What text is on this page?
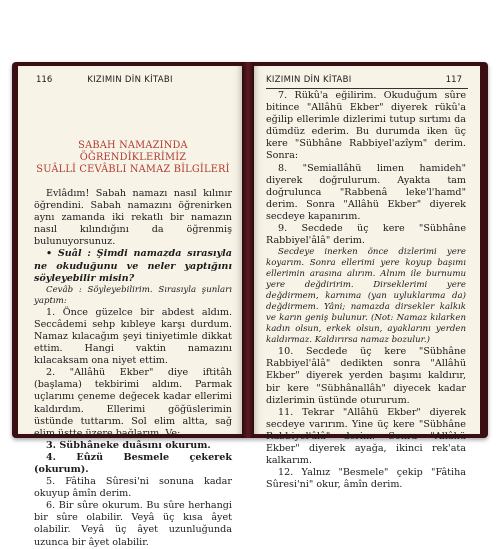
116	KIZIMIN DİN KİTABI
SABAH NAMAZINDA ÖĞRENDİKLERİMİZ
SUÂLLİ CEVÂBLI NAMAZ BİLGİLERİ

Evlâdım! Sabah namazı nasıl kılınır öğrendini. Sabah namazını öğrenirken aynı zamanda iki rekatlı bir namazın nasıl kılındığını da öğrenmiş bulunuyorsunuz.

• Suâl : Şimdi namazda sırasıyla ne okuduğunu ve neler yaptığını söyleyebilir misin?

Cevâb : Söyleyebilirim. Sırasıyla şunları yaptım:

1. Önce güzelce bir abdest aldım. Seccâdemi sehp kıbleye karşı durdum. Namaz kılacağım şeyi tiniyetimle dikkat ettim. Hangi vaktin namazını kılacaksam ona niyet ettim.

2. "Allâhü Ekber" diye iftitâh (başlama) tekbirimi aldım. Parmak uçlarımı çeneme değecek kadar ellerimi kaldırdım. Ellerimi göğüslerimin üstünde tuttarım. Sol elim altta, sağ elim üstte üzere bağlarım. Ve:

3. Sübhâneke duâsını okurum.

4. Eûzü Besmele çekerek (okurum).

5. Fâtiha Sûresi'ni sonuna kadar okuyup âmîn derim.

6. Bir sûre okurum. Bu sûre herhangi bir sûre olabilir. Veyâ üç kısa âyet olabilir. Veyâ üç âyet uzunluğunda uzunca bir âyet olabilir.

KIZIMIN DİN KİTABI	117

7. Rükû'a eğilirim. Okuduğum sûre bitince "Allâhü Ekber" diyerek rükû'a eğilip ellerimle dizlerimi tutup sırtımı da dümdüz ederim. Bu durumda iken üç kere "Sübhâne Rabbiyel'azîym" derim. Sonra:

8. "Semiallâhü limen hamideh" diyerek doğrulurum. Ayakta tam doğrulunca "Rabbenâ leke'l'hamd" derim. Sonra "Allâhü Ekber" diyerek secdeye kapanırım.

9. Secdede üç kere "Sübhâne Rabbiyel'âlâ" derim.

Secdeye inerken önce dizlerimi yere koyarım. Sonra ellerimi yere koyup başımı ellerimin arasına alırım. Alnım ile burnumu yere değdiririm. Dirseklerimi yere değdirmem, karnıma (yan uyluklarıma da) değdirmem. Yâni; namazda dirsekler kalkık ve karın geniş bulunur. (Not: Namaz kılarken kadın olsun, erkek olsun, ayaklarını yerden kaldırmaz. Kaldırırsa namaz bozulur.)

10. Secdede üç kere "Sübhâne Rabbiyel'âlâ" dedikten sonra "Allâhü Ekber" diyerek yerden başımı kaldırır, bir kere "Sübhânallâh" diyecek kadar dizlerimin üstünde otururum.

11. Tekrar "Allâhü Ekber" diyerek secdeye varırım. Yine üç kere "Sübhâne Rabbiyel'âlâ" derim. Sonra "Allâhü Ekber" diyerek ayağa, ikinci rek'ata kalkarım.

12. Yalnız "Besmele" çekip "Fâtiha Sûresi'ni" okur, âmîn derim.
